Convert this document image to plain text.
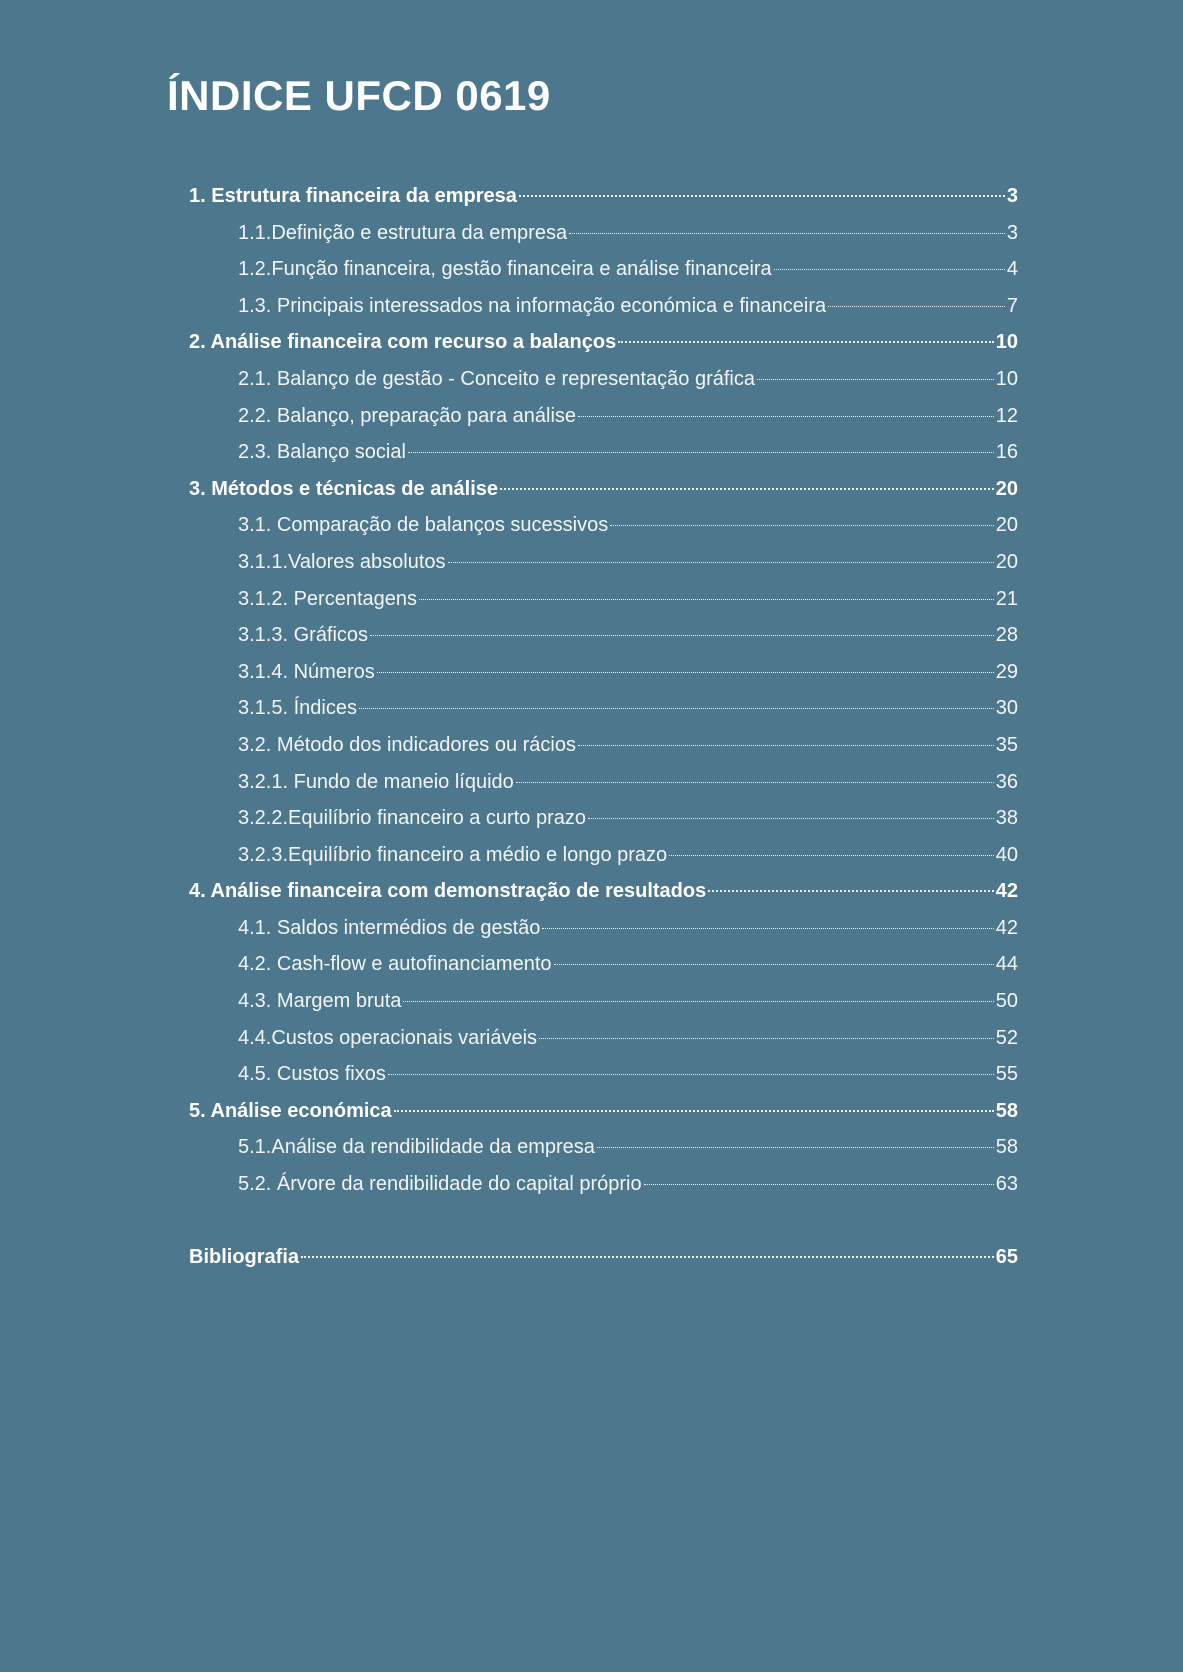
ÍNDICE UFCD 0619
1. Estrutura financeira da empresa	3
1.1.Definição e estrutura da empresa	3
1.2.Função financeira, gestão financeira e análise financeira	4
1.3. Principais interessados na informação económica e financeira	7
2. Análise financeira com recurso a balanços	10
2.1. Balanço de gestão - Conceito e representação gráfica	10
2.2. Balanço, preparação para análise	12
2.3. Balanço social	16
3. Métodos e técnicas de análise	20
3.1. Comparação de balanços sucessivos	20
3.1.1.Valores absolutos	20
3.1.2. Percentagens	21
3.1.3. Gráficos	28
3.1.4. Números	29
3.1.5. Índices	30
3.2. Método dos indicadores ou rácios	35
3.2.1. Fundo de maneio líquido	36
3.2.2.Equilíbrio financeiro a curto prazo	38
3.2.3.Equilíbrio financeiro a médio e longo prazo	40
4. Análise financeira com demonstração de resultados	42
4.1. Saldos intermédios de gestão	42
4.2. Cash-flow e autofinanciamento	44
4.3. Margem bruta	50
4.4.Custos operacionais variáveis	52
4.5. Custos fixos	55
5. Análise económica	58
5.1.Análise da rendibilidade da empresa	58
5.2. Árvore da rendibilidade do capital próprio	63
Bibliografia	65
